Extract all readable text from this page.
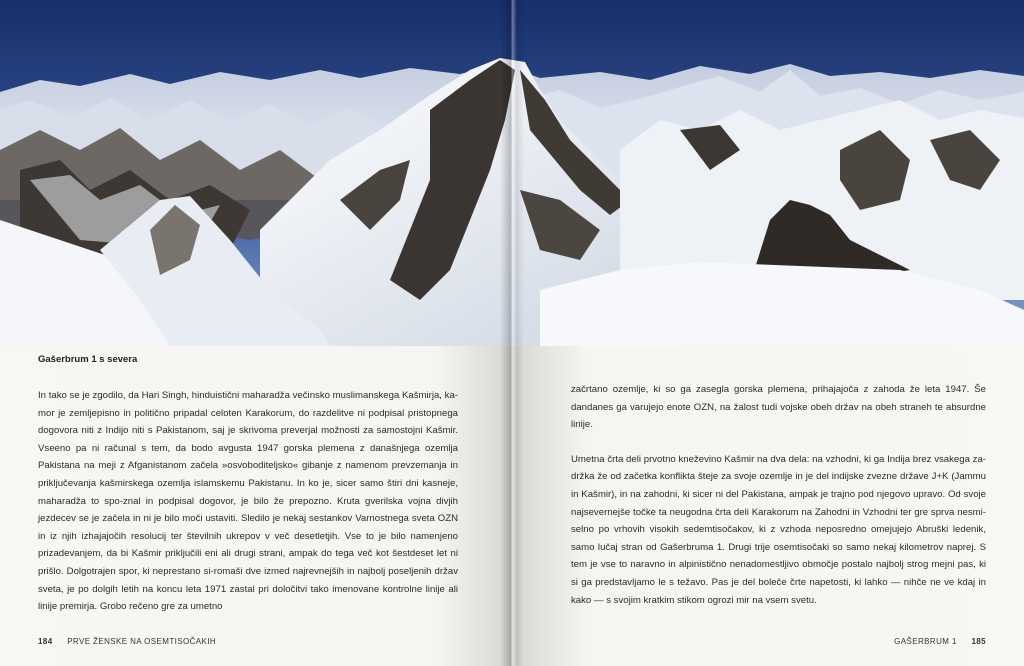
Gašerbrum 1 s severa

In tako se je zgodilo, da Hari Singh, hinduistični maharadža večinsko muslimanskega Kašmirja, ka-mor je zemljepisno in politično pripadal celoten Karakorum, do razdelitve ni podpisal pristopnega dogovora niti z Indijo niti s Pakistanom, saj je skrivoma preverjal možnosti za samostojni Kašmir. Vseeno pa ni računal s tem, da bodo avgusta 1947 gorska plemena z današnjega ozemlja Pakistana na meji z Afganistanom začela »osvoboditeljsko« gibanje z namenom prevzemanja in priključevanja kašmirskega ozemlja islamskemu Pakistanu. In ko je, sicer samo štiri dni kasneje, maharadža to spo-znal in podpisal dogovor, je bilo že prepozno. Kruta gverilska vojna divjih jezdecev se je začela in ni je bilo moči ustaviti. Sledilo je nekaj sestankov Varnostnega sveta OZN in iz njih izhajajočih resolucij ter številnih ukrepov v več desetletjih. Vse to je bilo namenjeno prizadevanjem, da bi Kašmir priključili eni ali drugi strani, ampak do tega več kot šestdeset let ni prišlo. Dolgotrajen spor, ki neprestano si-romaši dve izmed najrevnejših in najbolj poseljenih držav sveta, je po dolgih letih na koncu leta 1971 zastal pri določitvi tako imenovane kontrolne linije ali linije premirja. Grobo rečeno gre za umetno

začrtano ozemlje, ki so ga zasegla gorska plemena, prihajajoča z zahoda že leta 1947. Še dandanes ga varujejo enote OZN, na žalost tudi vojske obeh držav na obeh straneh te absurdne linije.

Umetna črta deli prvotno kneževino Kašmir na dva dela: na vzhodni, ki ga Indija brez vsakega za-držka že od začetka konflikta šteje za svoje ozemlje in je del indijske zvezne države J+K (Jammu in Kašmir), in na zahodni, ki sicer ni del Pakistana, ampak je trajno pod njegovo upravo. Od svoje najsevernejše točke ta neugodna črta deli Karakorum na Zahodni in Vzhodni ter gre sprva nesmi-selno po vrhovih visokih sedemtisočakov, ki z vzhoda neposredno omejujejo Abruški ledenik, samo lučaj stran od Gašerbruma 1. Drugi trije osemtisočaki so samo nekaj kilometrov naprej. S tem je vse to naravno in alpinistično nenadomestljivo območje postalo najbolj strog mejni pas, ki si ga predstavljamo le s težavo. Pas je del boleče črte napetosti, ki lahko — nihče ne ve kdaj in kako — s svojim kratkim stikom ogrozi mir na vsem svetu.

184 PRVE ŽENSKE NA OSEMTISOČAKIH	GAŠERBRUM 1 185
